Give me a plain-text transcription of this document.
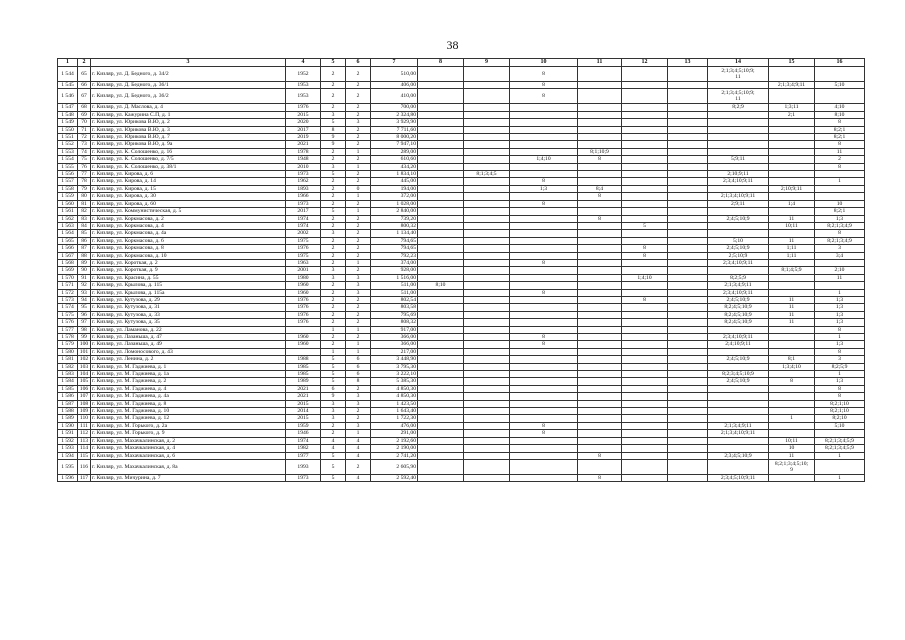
38
1	2	3	4	5	6	7	8	9	10	11	12	13	14	15	16
1 544	65	г. Кизляр, ул. Д. Бедного, д. 34/2	1952	2	2	510,00			8				2;1;3;4;5;10;9;
11		
1 545	66	г. Кизляр, ул. Д. Бедного, д. 36/1	1953	2	2	406,00			8					2;1;3;4;9;11	5;10
1 546	67	г. Кизляр, ул. Д. Бедного, д. 36/2	1953	2	2	410,00			8				2;1;3;4;5;10;9;
11		
1 547	68	г. Кизляр, ул. Д. Маслова, д. 4	1976	2	2	700,00							8;2;9	1;3;11	4;10
1 548	69	г. Кизляр, ул. Кажурина С.П, д. 1	2015	3	2	2 324,80								2;1	8;10
1 549	70	г. Кизляр, ул. Юрикова В.Ю, д. 2	2020	5	3	3 929,90									8
1 550	71	г. Кизляр, ул. Юрикова В.Ю, д. 3	2017	8	2	7 711,60									8;2;1
1 551	72	г. Кизляр, ул. Юрикова В.Ю, д. 7	2019	9	2	8 000,20									8;2;1
1 552	73	г. Кизляр, ул. Юрикова В.Ю, д. 9а	2021	9	2	7 947,10									8
1 553	74	г. Кизляр, ул. К. Солошенко, д. 16	1978	2	1	289,00				8;1;10;9					11
1 554	75	г. Кизляр, ул. К. Солошенко, д. 7/5	1948	2	2	610,60			1;4;10	8			5;9;11		2
1 555	76	г. Кизляр, ул. К. Солошенко, д. 38/1	2010	3	1	434,20									8
1 556	77	г. Кизляр, ул. Кирова, д. 6	1973	5	2	1 834,10		8;1;3;4;5					2;10;9;11		
1 557	78	г. Кизляр, ул. Кирова, д. 14	1962	2	2	445,00			8				2;3;4;10;9;11		1
1 558	79	г. Кизляр, ул. Кирова, д. 15	1893	2	0	194,00			1;3	8;4				2;10;9;11	
1 559	80	г. Кизляр, ул. Кирова, д. 30	1966	2	1	372,00				8			2;1;3;4;10;9;11		
1 560	81	г. Кизляр, ул. Кирова, д. 60	1973	2	2	1 028,00			8				2;9;11	1;4	10
1 561	82	г. Кизляр, ул. Коммунистическая, д. 5	2017	5	1	2 840,00									8;2;1
1 562	83	г. Кизляр, ул. Коркмасова, д. 2	1974	2	2	739,20				8			2;4;5;10;9	11	1;3
1 563	84	г. Кизляр, ул. Коркмасова, д. 4	1974	2	2	800,32					5			10;11	8;2;1;3;4;9
1 564	85	г. Кизляр, ул. Коркмасова, д. 4а	2002	3	2	1 134,40									8
1 565	86	г. Кизляр, ул. Коркмасова, д. 6	1975	2	2	794,65							5;10	11	8;2;1;3;4;9
1 566	87	г. Кизляр, ул. Коркмасова, д. 8	1976	2	2	794,65					8		2;4;5;10;9	1;11	3
1 567	88	г. Кизляр, ул. Коркмасова, д. 10	1975	2	2	792,23					8		2;5;10;9	1;11	3;4
1 568	89	г. Кизляр, ул. Короткая, д. 2	1963	2	1	374,00			8				2;3;4;10;9;11		
1 569	90	г. Кизляр, ул. Короткая, д. 9	2001	3	2	928,00								8;1;4;5;9	2;10
1 570	91	г. Кизляр, ул. Красина, д. 55	1980	3	3	1 516,00					1;4;10		8;2;5;9		11
1 571	92	г. Кизляр, ул. Крылова, д. 115	1960	2	3	511,00	8;10						2;1;3;4;9;11		
1 572	93	г. Кизляр, ул. Крылова, д. 115а	1960	2	3	511,00			8				2;3;4;10;9;11		1
1 573	94	г. Кизляр, ул. Кутузова, д. 29	1976	2	2	802,54					8		2;4;5;10;9	11	1;3
1 574	95	г. Кизляр, ул. Кутузова, д. 31	1976	2	2	803,58							8;2;4;5;10;9	11	1;3
1 575	96	г. Кизляр, ул. Кутузова, д. 33	1976	2	2	795,69							8;2;4;5;10;9	11	1;3
1 576	97	г. Кизляр, ул. Кутузова, д. 35	1976	2	2	808,32							8;2;4;5;10;9	11	1;3
1 577	98	г. Кизляр, ул. Ламанова, д. 22		1	1	917,00									8
1 578	99	г. Кизляр, ул. Лазаньша, д. 47	1960	2	2	366,00			8				2;3;4;10;9;11		1
1 579	100	г. Кизляр, ул. Лазаньша, д. 49	1960	2	1	366,00			8				2;4;10;9;11		1;3
1 580	101	г. Кизляр, ул. Ломоносового, д. 43		1	1	217,00									8
1 581	102	г. Кизляр, ул. Ленина, д. 2	1988	5	6	3 448,90							2;4;5;10;9	8;1	3
1 582	103	г. Кизляр, ул. М. Гаджиева, д. 1	1985	5	6	3 795,30								1;3;4;10	8;2;5;9
1 583	104	г. Кизляр, ул. М. Гаджиева, д. 1а	1985	5	6	3 222,10							8;2;3;4;5;10;9		1
1 584	105	г. Кизляр, ул. М. Гаджиева, д. 2	1989	5	8	5 385,30							2;4;5;10;9	8	1;3
1 585	106	г. Кизляр, ул. М. Гаджиева, д. 4	2021	6	2	4 850,30									8
1 586	107	г. Кизляр, ул. М. Гаджиева, д. 4а	2021	9	3	4 850,30									8
1 587	108	г. Кизляр, ул. М. Гаджиева, д. 8	2015	3	3	1 423,50									8;2;1;10
1 588	109	г. Кизляр, ул. М. Гаджиева, д. 10	2014	3	2	1 643,40									8;2;1;10
1 589	110	г. Кизляр, ул. М. Гаджиева, д. 12	2015	3	2	1 722,30								1	8;2;10
1 590	111	г. Кизляр, ул. М. Горького, д. 2а	1959	2	3	476,00			8				2;1;3;4;9;11		5;10
1 591	112	г. Кизляр, ул. М. Горького, д. 9	1946	2	1	291,00			8				2;1;3;4;10;9;11		
1 592	113	г. Кизляр, ул. Махачкалинская, д. 2	1974	4	4	2 192,60								10;11	8;2;1;3;4;5;9
1 593	114	г. Кизляр, ул. Махачкалинская, д. 4	1982	4	4	2 190,00								10	8;2;1;3;4;5;9
1 594	115	г. Кизляр, ул. Махачкалинская, д. 6	1977	5	4	2 741,20				8			2;3;4;5;10;9	11	1
1 595	116	г. Кизляр, ул. Махачкалинская, д. 8а	1993	5	2	2 605,90								8;2;1;3;4;5;10;
9	
1 596	117	г. Кизляр, ул. Мичурина, д. 7	1973	5	4	2 592,40				8			2;3;4;5;10;9;11		1
